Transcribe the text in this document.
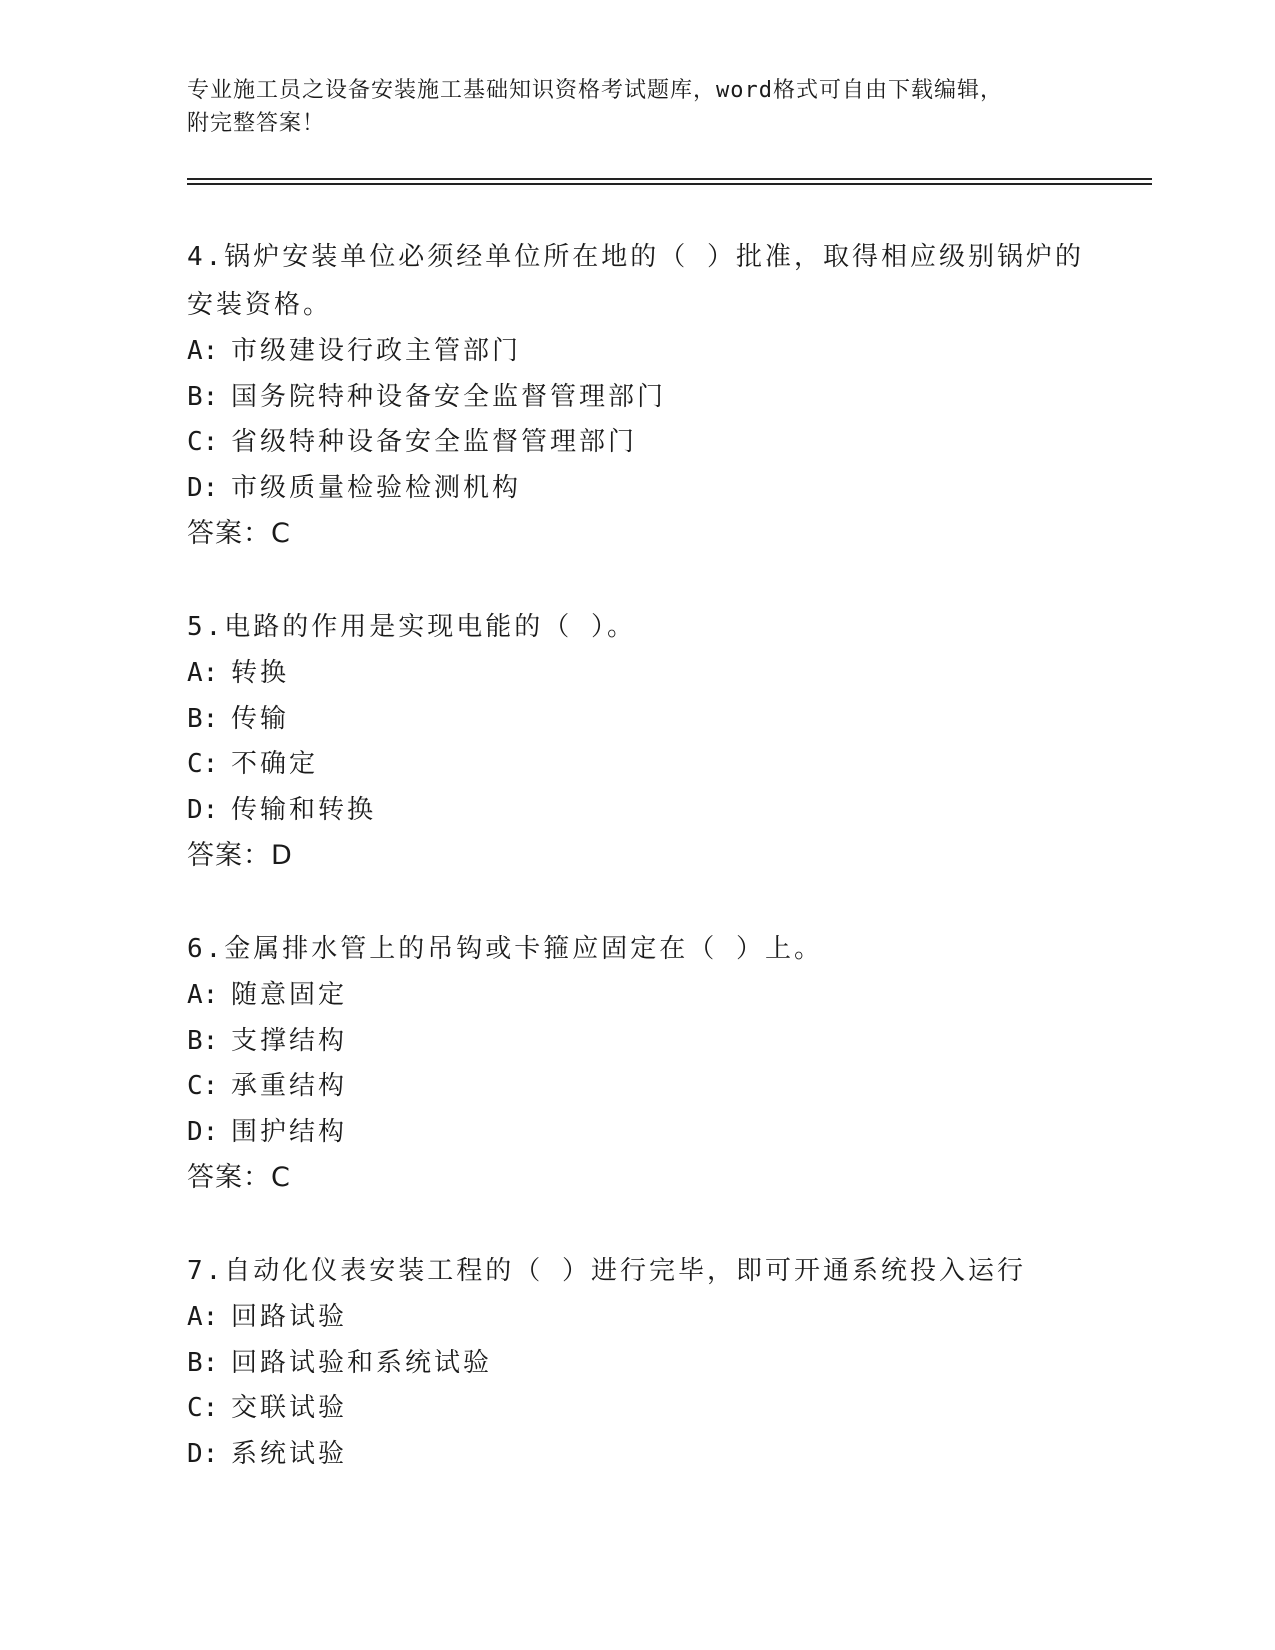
专业施工员之设备安装施工基础知识资格考试题库，word格式可自由下载编辑，
附完整答案！
4.锅炉安装单位必须经单位所在地的（ ）批准，取得相应级别锅炉的安装资格。
A: 市级建设行政主管部门
B: 国务院特种设备安全监督管理部门
C: 省级特种设备安全监督管理部门
D: 市级质量检验检测机构
答案：C
5.电路的作用是实现电能的（ ）。
A: 转换
B: 传输
C: 不确定
D: 传输和转换
答案：D
6.金属排水管上的吊钩或卡箍应固定在（ ）上。
A: 随意固定
B: 支撑结构
C: 承重结构
D: 围护结构
答案：C
7.自动化仪表安装工程的（ ）进行完毕，即可开通系统投入运行
A: 回路试验
B: 回路试验和系统试验
C: 交联试验
D: 系统试验
